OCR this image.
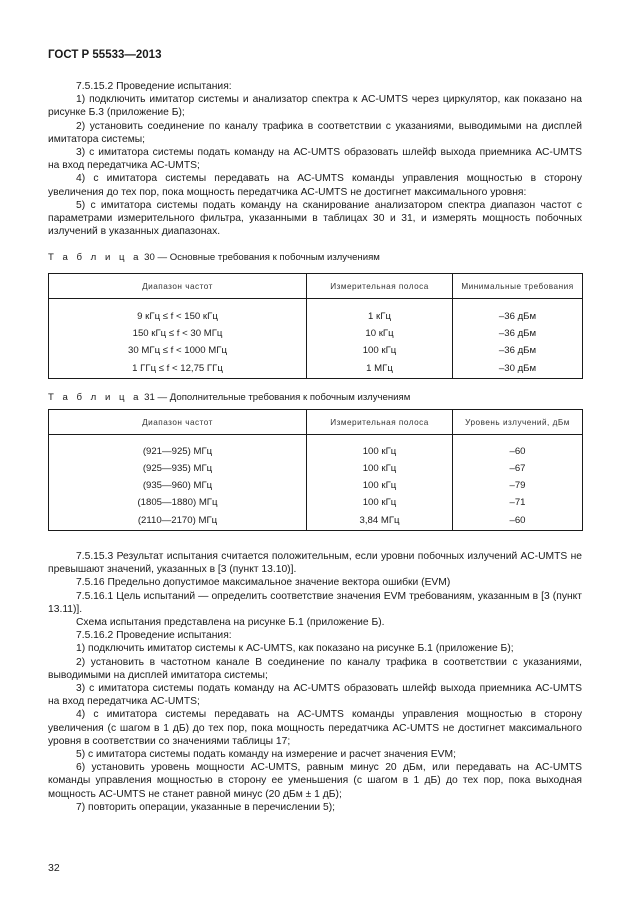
ГОСТ Р 55533—2013

7.5.15.2 Проведение испытания:

1) подключить имитатор системы и анализатор спектра к АС-UMTS через циркулятор, как показано на рисунке Б.3 (приложение Б);

2) установить соединение по каналу трафика в соответствии с указаниями, выводимыми на дисплей имитатора системы;

3) с имитатора системы подать команду на АС-UMTS образовать шлейф выхода приемника АС-UMTS на вход передатчика АС-UMTS;

4) с имитатора системы передавать на АС-UMTS команды управления мощностью в сторону увеличения до тех пор, пока мощность передатчика АС-UMTS не достигнет максимального уровня:

5) с имитатора системы подать команду на сканирование анализатором спектра диапазон частот с параметрами измерительного фильтра, указанными в таблицах 30 и 31, и измерять мощность побочных излучений в указанных диапазонах.

Т а б л и ц а 30 — Основные требования к побочным излучениям
Диапазон частот	Измерительная полоса	Минимальные требования

9 кГц ≤ f < 150 кГц	1 кГц	–36 дБм
150 кГц ≤ f < 30 МГц	10 кГц	–36 дБм
30 МГц ≤ f < 1000 МГц	100 кГц	–36 дБм
1 ГГц ≤ f < 12,75 ГГц	1 МГц	–30 дБм
Т а б л и ц а 31 — Дополнительные требования к побочным излучениям
Диапазон частот	Измерительная полоса	Уровень излучений, дБм

(921—925) МГц	100 кГц	–60
(925—935) МГц	100 кГц	–67
(935—960) МГц	100 кГц	–79
(1805—1880) МГц	100 кГц	–71
(2110—2170) МГц	3,84 МГц	–60

7.5.15.3 Результат испытания считается положительным, если уровни побочных излучений АС-UMTS не превышают значений, указанных в [3 (пункт 13.10)].

7.5.16 Предельно допустимое максимальное значение вектора ошибки (EVM)

7.5.16.1 Цель испытаний — определить соответствие значения EVM требованиям, указанным в [3 (пункт 13.11)].

Схема испытания представлена на рисунке Б.1 (приложение Б).

7.5.16.2 Проведение испытания:

1) подключить имитатор системы к АС-UMTS, как показано на рисунке Б.1 (приложение Б);

2) установить в частотном канале В соединение по каналу трафика в соответствии с указаниями, выводимыми на дисплей имитатора системы;

3) с имитатора системы подать команду на АС-UMTS образовать шлейф выхода приемника АС-UMTS на вход передатчика АС-UMTS;

4) с имитатора системы передавать на АС-UMTS команды управления мощностью в сторону увеличения (с шагом в 1 дБ) до тех пор, пока мощность передатчика АС-UMTS не достигнет максимального уровня в соответствии со значениями таблицы 17;

5) с имитатора системы подать команду на измерение и расчет значения EVM;

6) установить уровень мощности АС-UMTS, равным минус 20 дБм, или передавать на АС-UMTS команды управления мощностью в сторону ее уменьшения (с шагом в 1 дБ) до тех пор, пока выходная мощность АС-UMTS не станет равной минус (20 дБм ± 1 дБ);

7) повторить операции, указанные в перечислении 5);

32
